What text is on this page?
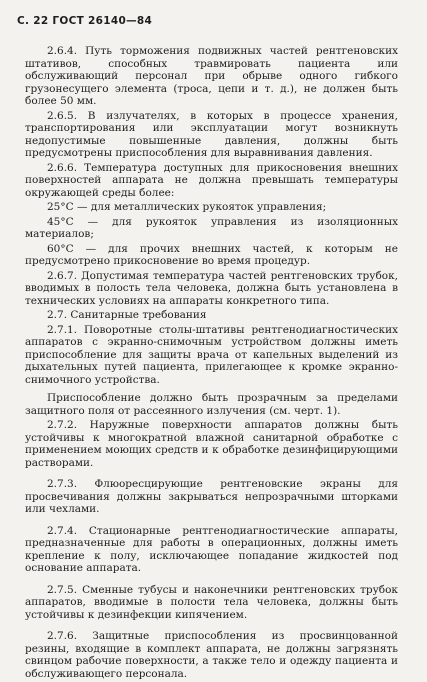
С. 22 ГОСТ 26140—84

2.6.4. Путь торможения подвижных частей рентгеновских штативов, способных травмировать пациента или обслуживающий персонал при обрыве одного гибкого грузонесущего элемента (троса, цепи и т. д.), не должен быть более 50 мм.

2.6.5. В излучателях, в которых в процессе хранения, транспортирования или эксплуатации могут возникнуть недопустимые повышенные давления, должны быть предусмотрены приспособления для выравнивания давления.

2.6.6. Температура доступных для прикосновения внешних поверхностей аппарата не должна превышать температуры окружающей среды более:

25°С — для металлических рукояток управления;

45°С — для рукояток управления из изоляционных материалов;

60°С — для прочих внешних частей, к которым не предусмотрено прикосновение во время процедур.

2.6.7. Допустимая температура частей рентгеновских трубок, вводимых в полость тела человека, должна быть установлена в технических условиях на аппараты конкретного типа.

2.7. Санитарные требования

2.7.1. Поворотные столы-штативы рентгенодиагностических аппаратов с экранно-снимочным устройством должны иметь приспособление для защиты врача от капельных выделений из дыхательных путей пациента, прилегающее к кромке экранно-снимочного устройства.

Приспособление должно быть прозрачным за пределами защитного поля от рассеянного излучения (см. черт. 1).

2.7.2. Наружные поверхности аппаратов должны быть устойчивы к многократной влажной санитарной обработке с применением моющих средств и к обработке дезинфицирующими растворами.

2.7.3. Флюоресцирующие рентгеновские экраны для просвечивания должны закрываться непрозрачными шторками или чехлами.

2.7.4. Стационарные рентгенодиагностические аппараты, предназначенные для работы в операционных, должны иметь крепление к полу, исключающее попадание жидкостей под основание аппарата.

2.7.5. Сменные тубусы и наконечники рентгеновских трубок аппаратов, вводимые в полости тела человека, должны быть устойчивы к дезинфекции кипячением.

2.7.6. Защитные приспособления из просвинцованной резины, входящие в комплект аппарата, не должны загрязнять свинцом рабочие поверхности, а также тело и одежду пациента и обслуживающего персонала.
